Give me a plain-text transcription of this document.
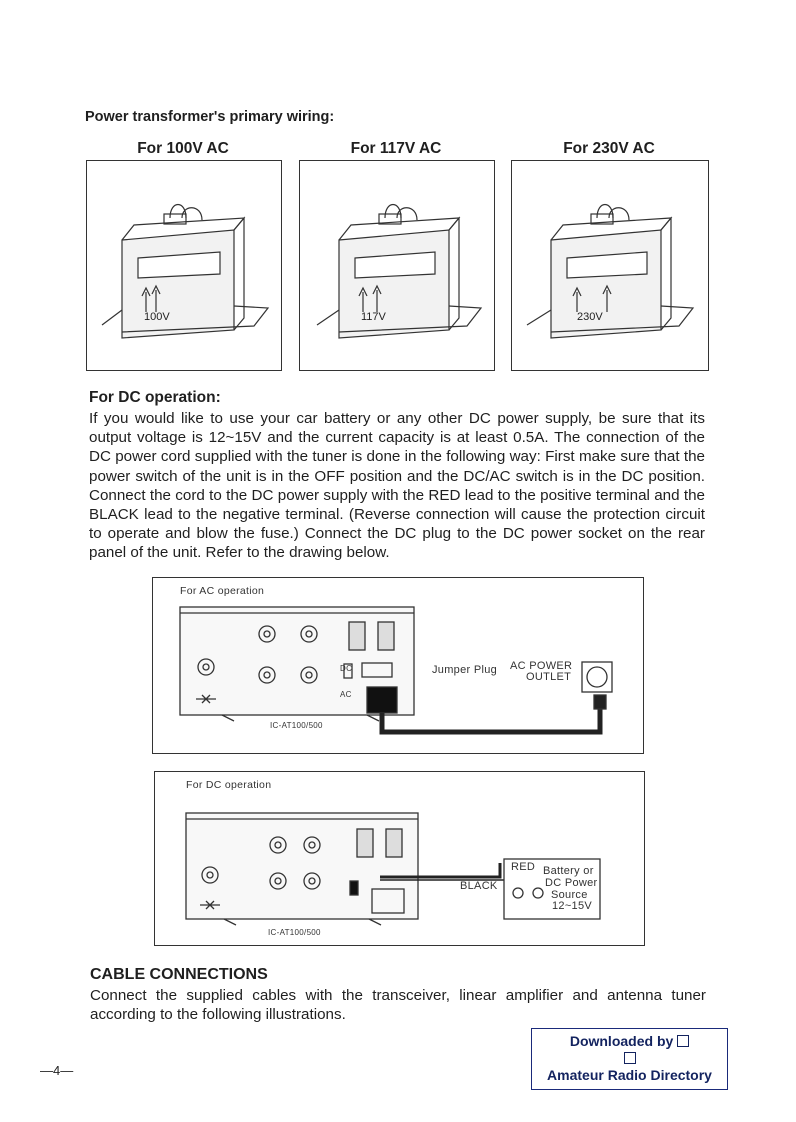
Power transformer's primary wiring:
For 100V AC	For 117V AC	For 230V AC
100V	117V	230V
For DC operation:
If you would like to use your car battery or any other DC power supply, be sure that its output voltage is 12~15V and the current capacity is at least 0.5A. The connection of the DC power cord supplied with the tuner is done in the following way: First make sure that the power switch of the unit is in the OFF position and the DC/AC switch is in the DC position. Connect the cord to the DC power supply with the RED lead to the positive terminal and the BLACK lead to the negative terminal. (Reverse connection will cause the protection circuit to operate and blow the fuse.) Connect the DC plug to the DC power socket on the rear panel of the unit. Refer to the drawing below.
For AC operation
DC
AC
Jumper Plug AC POWER
OUTLET
IC-AT100/500
For DC operation
RED
BLACK
Battery or
DC Power
Source
12~15V
IC-AT100/500
CABLE CONNECTIONS
Connect the supplied cables with the transceiver, linear amplifier and antenna tuner according to the following illustrations.
—4—
Downloaded by
Amateur Radio Directory
